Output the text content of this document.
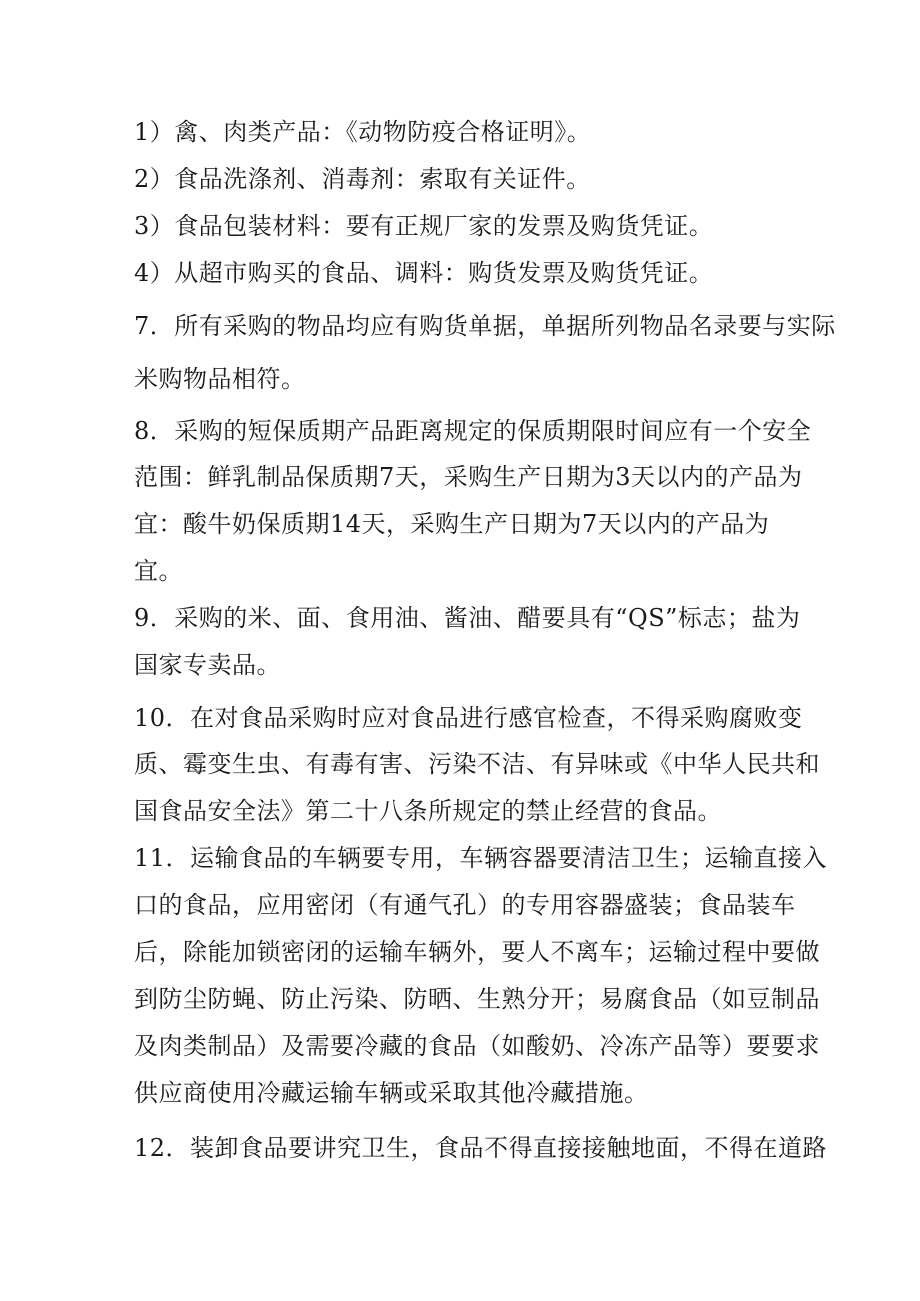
1）禽、肉类产品：《动物防疫合格证明》。
2）食品洗涤剂、消毒剂：索取有关证件。
3）食品包装材料：要有正规厂家的发票及购货凭证。
4）从超市购买的食品、调料：购货发票及购货凭证。
7．所有采购的物品均应有购货单据，单据所列物品名录要与实际
米购物品相符。
8．采购的短保质期产品距离规定的保质期限时间应有一个安全
范围：鲜乳制品保质期7天，采购生产日期为3天以内的产品为
宜：酸牛奶保质期14天，采购生产日期为7天以内的产品为
宜。
9．采购的米、面、食用油、酱油、醋要具有“QS”标志；盐为
国家专卖品。
10．在对食品采购时应对食品进行感官检查，不得采购腐败变
质、霉变生虫、有毒有害、污染不洁、有异味或《中华人民共和
国食品安全法》第二十八条所规定的禁止经营的食品。
11．运输食品的车辆要专用，车辆容器要清洁卫生；运输直接入
口的食品，应用密闭（有通气孔）的专用容器盛装；食品装车
后，除能加锁密闭的运输车辆外，要人不离车；运输过程中要做
到防尘防蝇、防止污染、防晒、生熟分开；易腐食品（如豆制品
及肉类制品）及需要冷藏的食品（如酸奶、冷冻产品等）要要求
供应商使用冷藏运输车辆或采取其他冷藏措施。
12．装卸食品要讲究卫生，食品不得直接接触地面，不得在道路
